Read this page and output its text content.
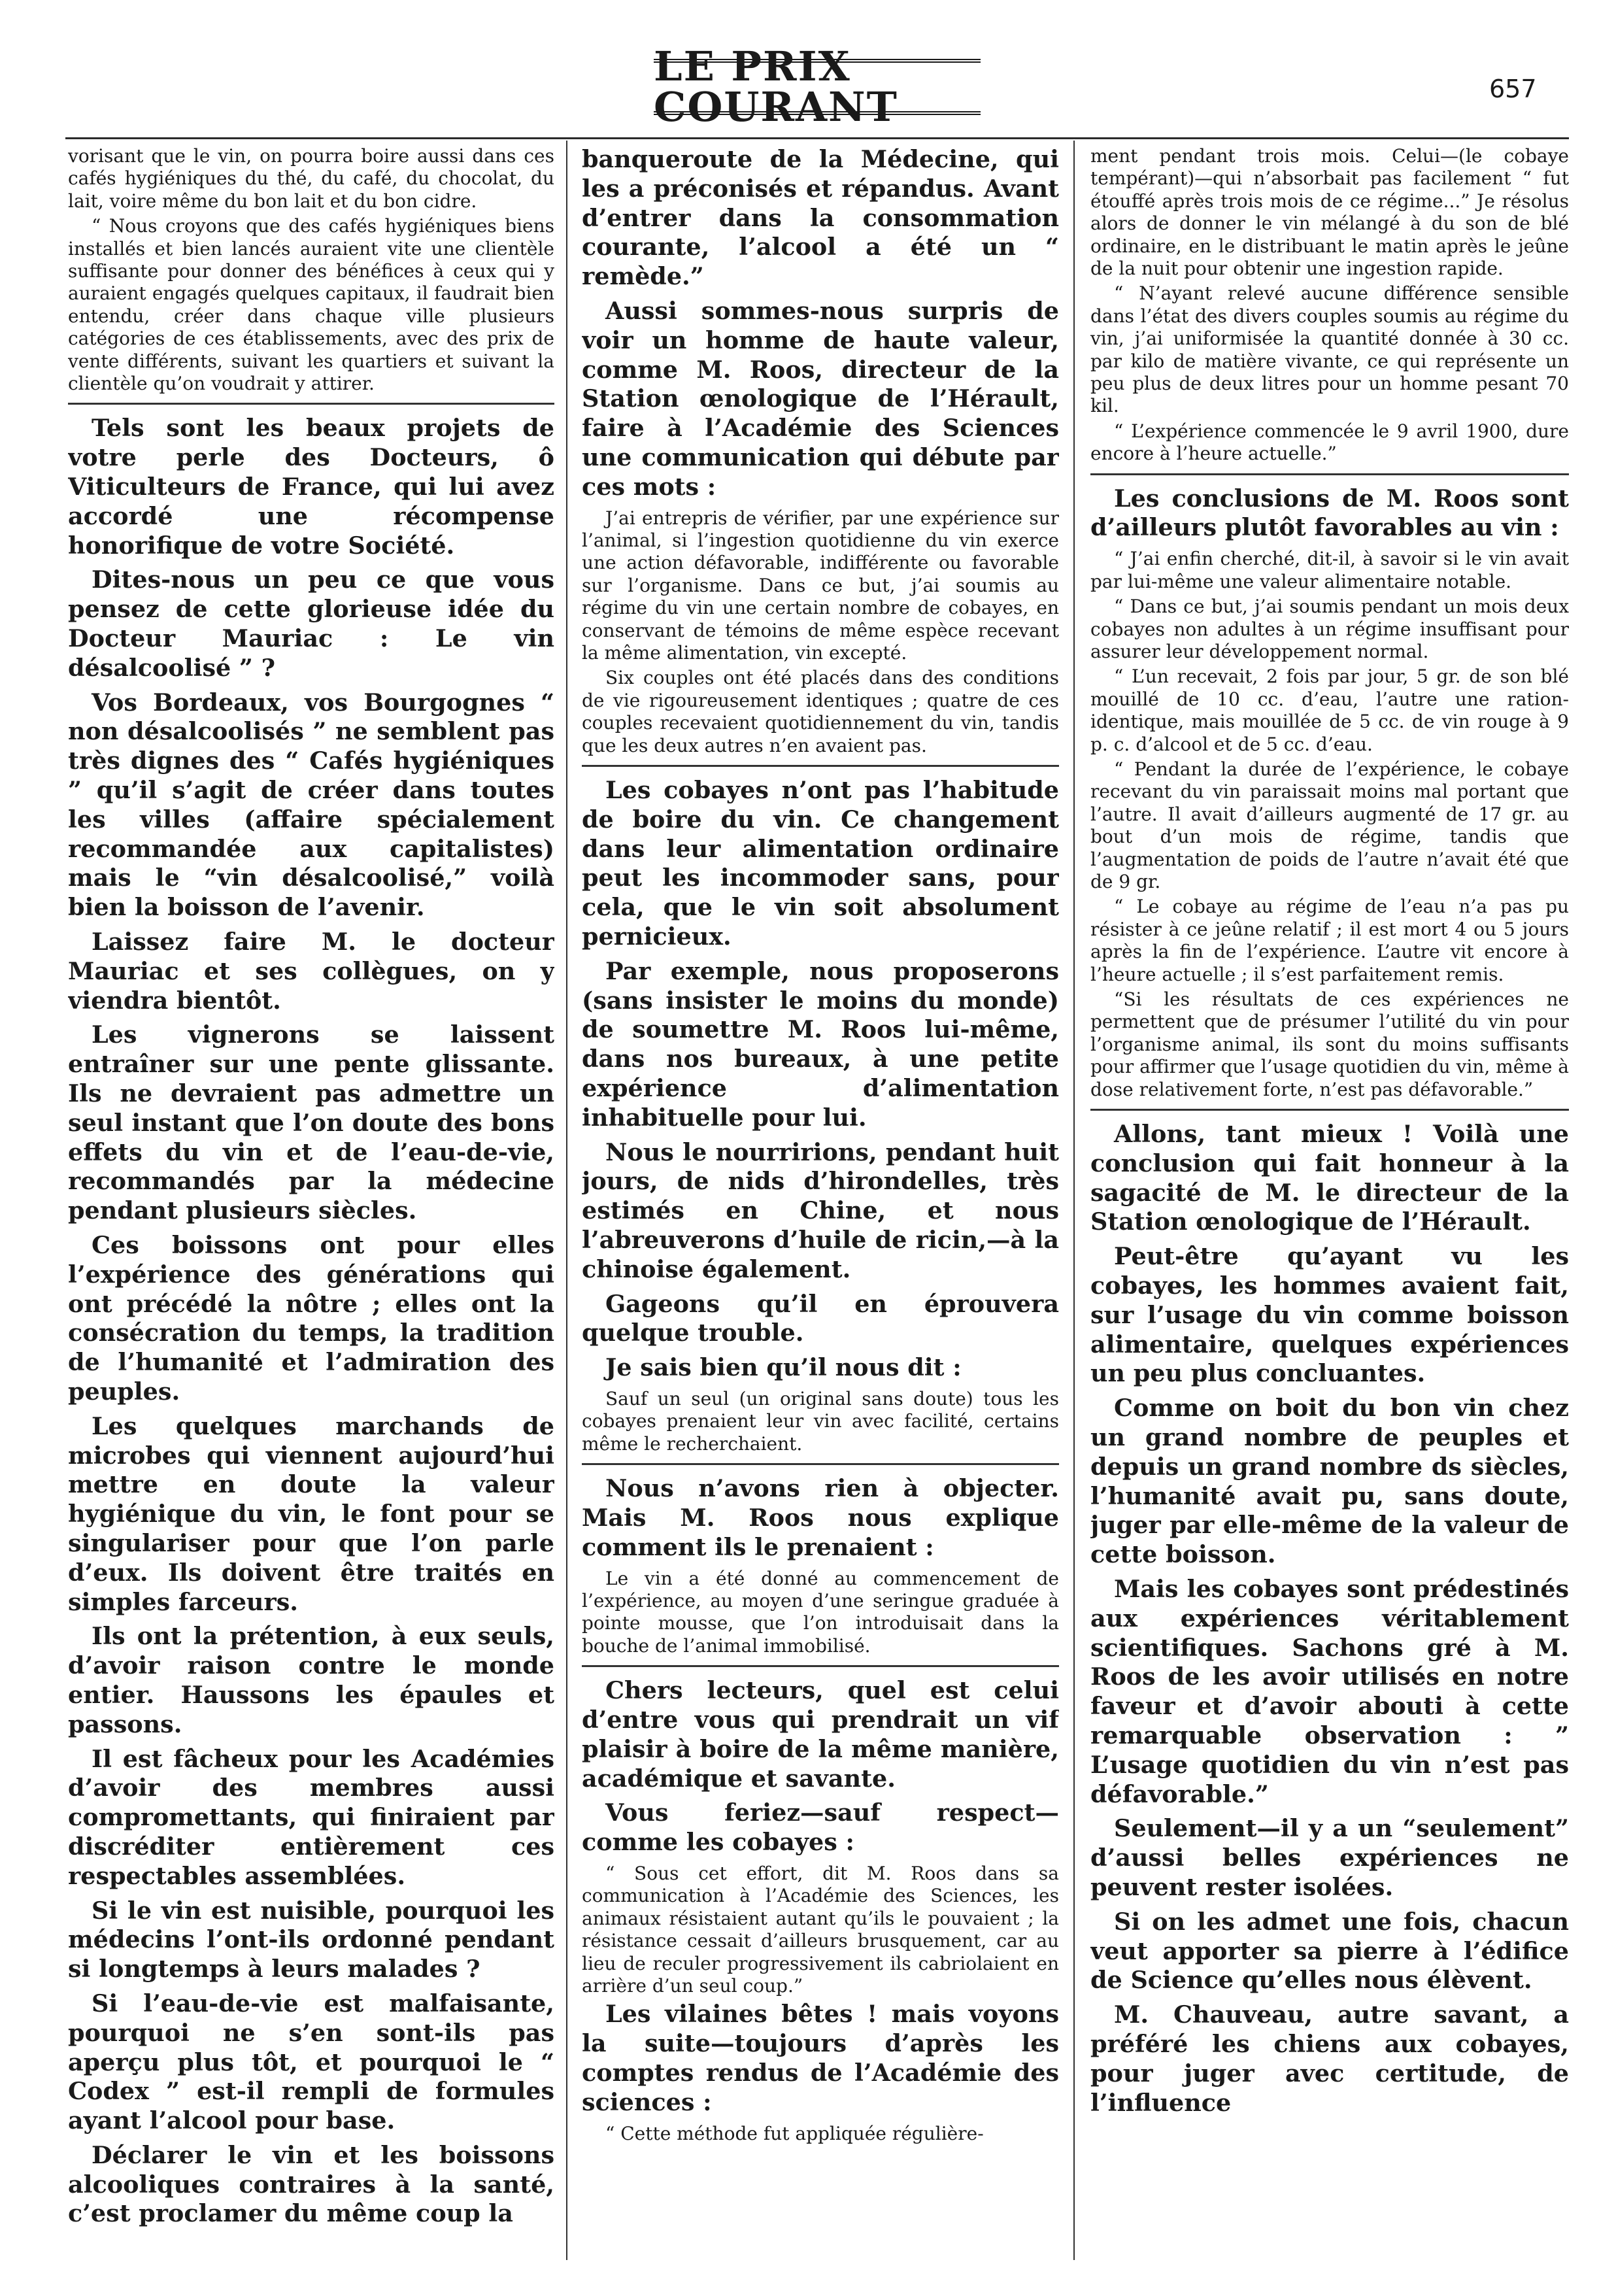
LE PRIX COURANT	657

vorisant que le vin, on pourra boire aussi dans ces cafés hygiéniques du thé, du café, du chocolat, du lait, voire même du bon lait et du bon cidre.

“ Nous croyons que des cafés hygiéniques biens installés et bien lancés auraient vite une clientèle suffisante pour donner des bénéfices à ceux qui y auraient engagés quelques capitaux, il faudrait bien entendu, créer dans chaque ville plusieurs catégories de ces établissements, avec des prix de vente différents, suivant les quartiers et suivant la clientèle qu’on voudrait y attirer.

Tels sont les beaux projets de votre perle des Docteurs, ô Viticulteurs de France, qui lui avez accordé une récompense honorifique de votre Société.

Dites-nous un peu ce que vous pensez de cette glorieuse idée du Docteur Mauriac : Le vin désalcoolisé ” ?

Vos Bordeaux, vos Bourgognes “ non désalcoolisés ” ne semblent pas très dignes des “ Cafés hygiéniques ” qu’il s’agit de créer dans toutes les villes (affaire spécialement recommandée aux capitalistes) mais le “vin désalcoolisé,” voilà bien la boisson de l’avenir.

Laissez faire M. le docteur Mauriac et ses collègues, on y viendra bientôt.

Les vignerons se laissent entraîner sur une pente glissante. Ils ne devraient pas admettre un seul instant que l’on doute des bons effets du vin et de l’eau-de-vie, recommandés par la médecine pendant plusieurs siècles.

Ces boissons ont pour elles l’expérience des générations qui ont précédé la nôtre ; elles ont la consécration du temps, la tradition de l’humanité et l’admiration des peuples.

Les quelques marchands de microbes qui viennent aujourd’hui mettre en doute la valeur hygiénique du vin, le font pour se singulariser pour que l’on parle d’eux. Ils doivent être traités en simples farceurs.

Ils ont la prétention, à eux seuls, d’avoir raison contre le monde entier. Haussons les épaules et passons.

Il est fâcheux pour les Académies d’avoir des membres aussi compromettants, qui finiraient par discréditer entièrement ces respectables assemblées.

Si le vin est nuisible, pourquoi les médecins l’ont-ils ordonné pendant si longtemps à leurs malades ?

Si l’eau-de-vie est malfaisante, pourquoi ne s’en sont-ils pas aperçu plus tôt, et pourquoi le “ Codex ” est-il rempli de formules ayant l’alcool pour base.

Déclarer le vin et les boissons alcooliques contraires à la santé, c’est proclamer du même coup la

banqueroute de la Médecine, qui les a préconisés et répandus. Avant d’entrer dans la consommation courante, l’alcool a été un “ remède.”

Aussi sommes-nous surpris de voir un homme de haute valeur, comme M. Roos, directeur de la Station œnologique de l’Hérault, faire à l’Académie des Sciences une communication qui débute par ces mots :

J’ai entrepris de vérifier, par une expérience sur l’animal, si l’ingestion quotidienne du vin exerce une action défavorable, indifférente ou favorable sur l’organisme. Dans ce but, j’ai soumis au régime du vin une certain nombre de cobayes, en conservant de témoins de même espèce recevant la même alimentation, vin excepté.

Six couples ont été placés dans des conditions de vie rigoureusement identiques ; quatre de ces couples recevaient quotidiennement du vin, tandis que les deux autres n’en avaient pas.

Les cobayes n’ont pas l’habitude de boire du vin. Ce changement dans leur alimentation ordinaire peut les incommoder sans, pour cela, que le vin soit absolument pernicieux.

Par exemple, nous proposerons (sans insister le moins du monde) de soumettre M. Roos lui-même, dans nos bureaux, à une petite expérience d’alimentation inhabituelle pour lui.

Nous le nourririons, pendant huit jours, de nids d’hirondelles, très estimés en Chine, et nous l’abreuverons d’huile de ricin,—à la chinoise également.

Gageons qu’il en éprouvera quelque trouble.

Je sais bien qu’il nous dit :

Sauf un seul (un original sans doute) tous les cobayes prenaient leur vin avec facilité, certains même le recherchaient.

Nous n’avons rien à objecter. Mais M. Roos nous explique comment ils le prenaient :

Le vin a été donné au commencement de l’expérience, au moyen d’une seringue graduée à pointe mousse, que l’on introduisait dans la bouche de l’animal immobilisé.

Chers lecteurs, quel est celui d’entre vous qui prendrait un vif plaisir à boire de la même manière, académique et savante.

Vous feriez—sauf respect—comme les cobayes :

“ Sous cet effort, dit M. Roos dans sa communication à l’Académie des Sciences, les animaux résistaient autant qu’ils le pouvaient ; la résistance cessait d’ailleurs brusquement, car au lieu de reculer progressivement ils cabriolaient en arrière d’un seul coup.”

Les vilaines bêtes ! mais voyons la suite—toujours d’après les comptes rendus de l’Académie des sciences :

“ Cette méthode fut appliquée régulière-

ment pendant trois mois. Celui—(le cobaye tempérant)—qui n’absorbait pas facilement “ fut étouffé après trois mois de ce régime...” Je résolus alors de donner le vin mélangé à du son de blé ordinaire, en le distribuant le matin après le jeûne de la nuit pour obtenir une ingestion rapide.

“ N’ayant relevé aucune différence sensible dans l’état des divers couples soumis au régime du vin, j’ai uniformisée la quantité donnée à 30 cc. par kilo de matière vivante, ce qui représente un peu plus de deux litres pour un homme pesant 70 kil.

“ L’expérience commencée le 9 avril 1900, dure encore à l’heure actuelle.”

Les conclusions de M. Roos sont d’ailleurs plutôt favorables au vin :

“ J’ai enfin cherché, dit-il, à savoir si le vin avait par lui-même une valeur alimentaire notable.

“ Dans ce but, j’ai soumis pendant un mois deux cobayes non adultes à un régime insuffisant pour assurer leur développement normal.

“ L’un recevait, 2 fois par jour, 5 gr. de son blé mouillé de 10 cc. d’eau, l’autre une ration-identique, mais mouillée de 5 cc. de vin rouge à 9 p. c. d’alcool et de 5 cc. d’eau.

“ Pendant la durée de l’expérience, le cobaye recevant du vin paraissait moins mal portant que l’autre. Il avait d’ailleurs augmenté de 17 gr. au bout d’un mois de régime, tandis que l’augmentation de poids de l’autre n’avait été que de 9 gr.

“ Le cobaye au régime de l’eau n’a pas pu résister à ce jeûne relatif ; il est mort 4 ou 5 jours après la fin de l’expérience. L’autre vit encore à l’heure actuelle ; il s’est parfaitement remis.

“Si les résultats de ces expériences ne permettent que de présumer l’utilité du vin pour l’organisme animal, ils sont du moins suffisants pour affirmer que l’usage quotidien du vin, même à dose relativement forte, n’est pas défavorable.”

Allons, tant mieux ! Voilà une conclusion qui fait honneur à la sagacité de M. le directeur de la Station œnologique de l’Hérault.

Peut-être qu’ayant vu les cobayes, les hommes avaient fait, sur l’usage du vin comme boisson alimentaire, quelques expériences un peu plus concluantes.

Comme on boit du bon vin chez un grand nombre de peuples et depuis un grand nombre ds siècles, l’humanité avait pu, sans doute, juger par elle-même de la valeur de cette boisson.

Mais les cobayes sont prédestinés aux expériences véritablement scientifiques. Sachons gré à M. Roos de les avoir utilisés en notre faveur et d’avoir abouti à cette remarquable observation : ” L’usage quotidien du vin n’est pas défavorable.”

Seulement—il y a un “seulement” d’aussi belles expériences ne peuvent rester isolées.

Si on les admet une fois, chacun veut apporter sa pierre à l’édifice de Science qu’elles nous élèvent.

M. Chauveau, autre savant, a préféré les chiens aux cobayes, pour juger avec certitude, de l’influence
